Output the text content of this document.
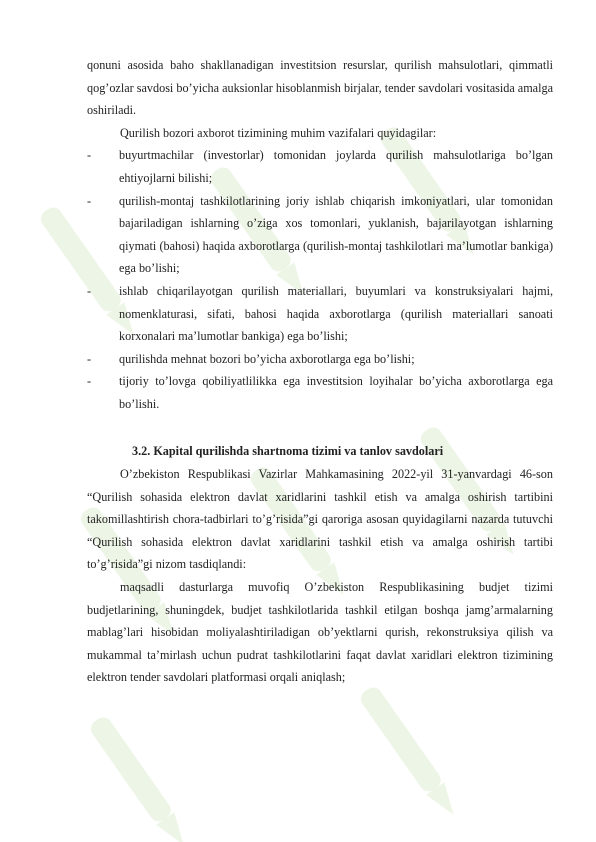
qonuni asosida baho shakllanadigan investitsion resurslar, qurilish mahsulotlari, qimmatli qog’ozlar savdosi bo’yicha auksionlar hisoblanmish birjalar, tender savdolari vositasida amalga oshiriladi.

Qurilish bozori axborot tizimining muhim vazifalari quyidagilar:

- buyurtmachilar (investorlar) tomonidan joylarda qurilish mahsulotlariga bo’lgan ehtiyojlarni bilishi;
- qurilish-montaj tashkilotlarining joriy ishlab chiqarish imkoniyatlari, ular tomonidan bajariladigan ishlarning o’ziga xos tomonlari, yuklanish, bajarilayotgan ishlarning qiymati (bahosi) haqida axborotlarga (qurilish-montaj tashkilotlari ma’lumotlar bankiga) ega bo’lishi;
- ishlab chiqarilayotgan qurilish materiallari, buyumlari va konstruksiyalari hajmi, nomenklaturasi, sifati, bahosi haqida axborotlarga (qurilish materiallari sanoati korxonalari ma’lumotlar bankiga) ega bo’lishi;
- qurilishda mehnat bozori bo’yicha axborotlarga ega bo’lishi;
- tijoriy to’lovga qobiliyatlilikka ega investitsion loyihalar bo’yicha axborotlarga ega bo’lishi.

3.2. Kapital qurilishda shartnoma tizimi va tanlov savdolari

O’zbekiston Respublikasi Vazirlar Mahkamasining 2022-yil 31-yanvardagi 46-son “Qurilish sohasida elektron davlat xaridlarini tashkil etish va amalga oshirish tartibini takomillashtirish chora-tadbirlari to’g’risida”gi qaroriga asosan quyidagilarni nazarda tutuvchi “Qurilish sohasida elektron davlat xaridlarini tashkil etish va amalga oshirish tartibi to’g’risida”gi nizom tasdiqlandi:

maqsadli dasturlarga muvofiq O’zbekiston Respublikasining budjet tizimi budjetlarining, shuningdek, budjet tashkilotlarida tashkil etilgan boshqa jamg’armalarning mablag’lari hisobidan moliyalashtiriladigan ob’yektlarni qurish, rekonstruksiya qilish va mukammal ta’mirlash uchun pudrat tashkilotlarini faqat davlat xaridlari elektron tizimining elektron tender savdolari platformasi orqali aniqlash;
